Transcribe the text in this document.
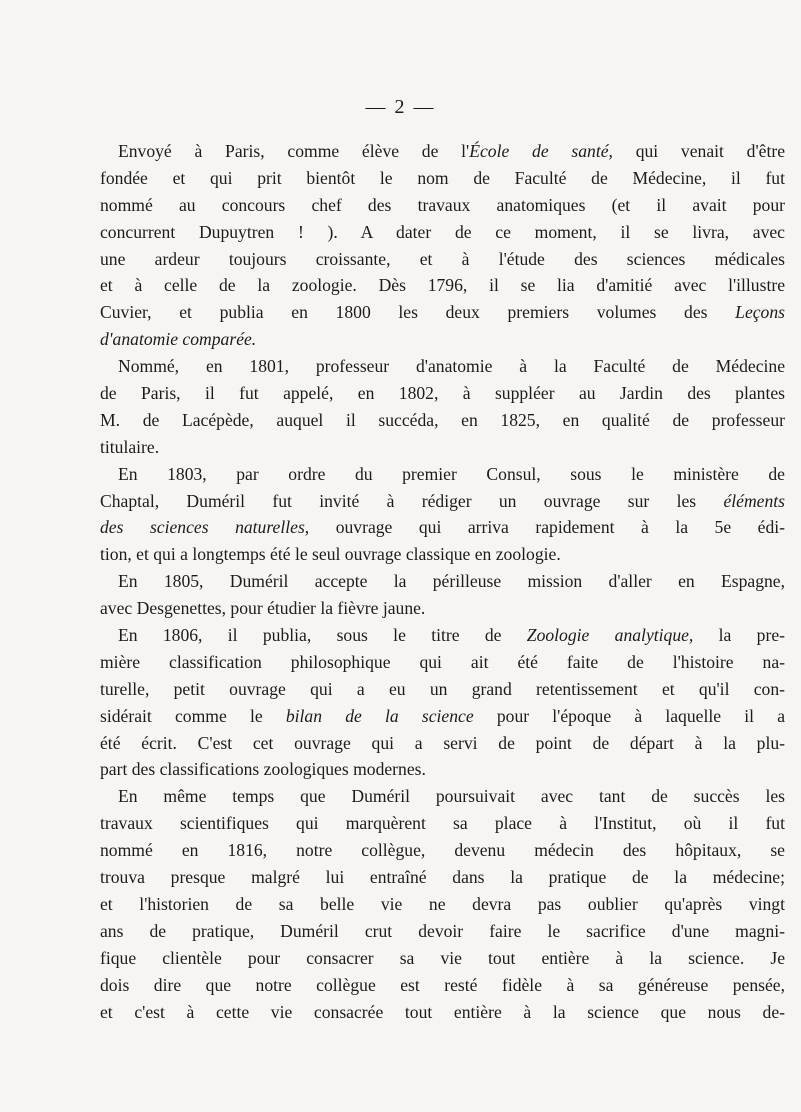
— 2 —
Envoyé à Paris, comme élève de l'École de santé, qui venait d'être
fondée et qui prit bientôt le nom de Faculté de Médecine, il fut
nommé au concours chef des travaux anatomiques (et il avait pour
concurrent Dupuytren ! ). A dater de ce moment, il se livra, avec
une ardeur toujours croissante, et à l'étude des sciences médicales
et à celle de la zoologie. Dès 1796, il se lia d'amitié avec l'illustre
Cuvier, et publia en 1800 les deux premiers volumes des Leçons
d'anatomie comparée.
Nommé, en 1801, professeur d'anatomie à la Faculté de Médecine
de Paris, il fut appelé, en 1802, à suppléer au Jardin des plantes
M. de Lacépède, auquel il succéda, en 1825, en qualité de professeur
titulaire.
En 1803, par ordre du premier Consul, sous le ministère de
Chaptal, Duméril fut invité à rédiger un ouvrage sur les éléments
des sciences naturelles, ouvrage qui arriva rapidement à la 5e édi-
tion, et qui a longtemps été le seul ouvrage classique en zoologie.
En 1805, Duméril accepte la périlleuse mission d'aller en Espagne,
avec Desgenettes, pour étudier la fièvre jaune.
En 1806, il publia, sous le titre de Zoologie analytique, la pre-
mière classification philosophique qui ait été faite de l'histoire na-
turelle, petit ouvrage qui a eu un grand retentissement et qu'il con-
sidérait comme le bilan de la science pour l'époque à laquelle il a
été écrit. C'est cet ouvrage qui a servi de point de départ à la plu-
part des classifications zoologiques modernes.
En même temps que Duméril poursuivait avec tant de succès les
travaux scientifiques qui marquèrent sa place à l'Institut, où il fut
nommé en 1816, notre collègue, devenu médecin des hôpitaux, se
trouva presque malgré lui entraîné dans la pratique de la médecine;
et l'historien de sa belle vie ne devra pas oublier qu'après vingt
ans de pratique, Duméril crut devoir faire le sacrifice d'une magni-
fique clientèle pour consacrer sa vie tout entière à la science. Je
dois dire que notre collègue est resté fidèle à sa généreuse pensée,
et c'est à cette vie consacrée tout entière à la science que nous de-
